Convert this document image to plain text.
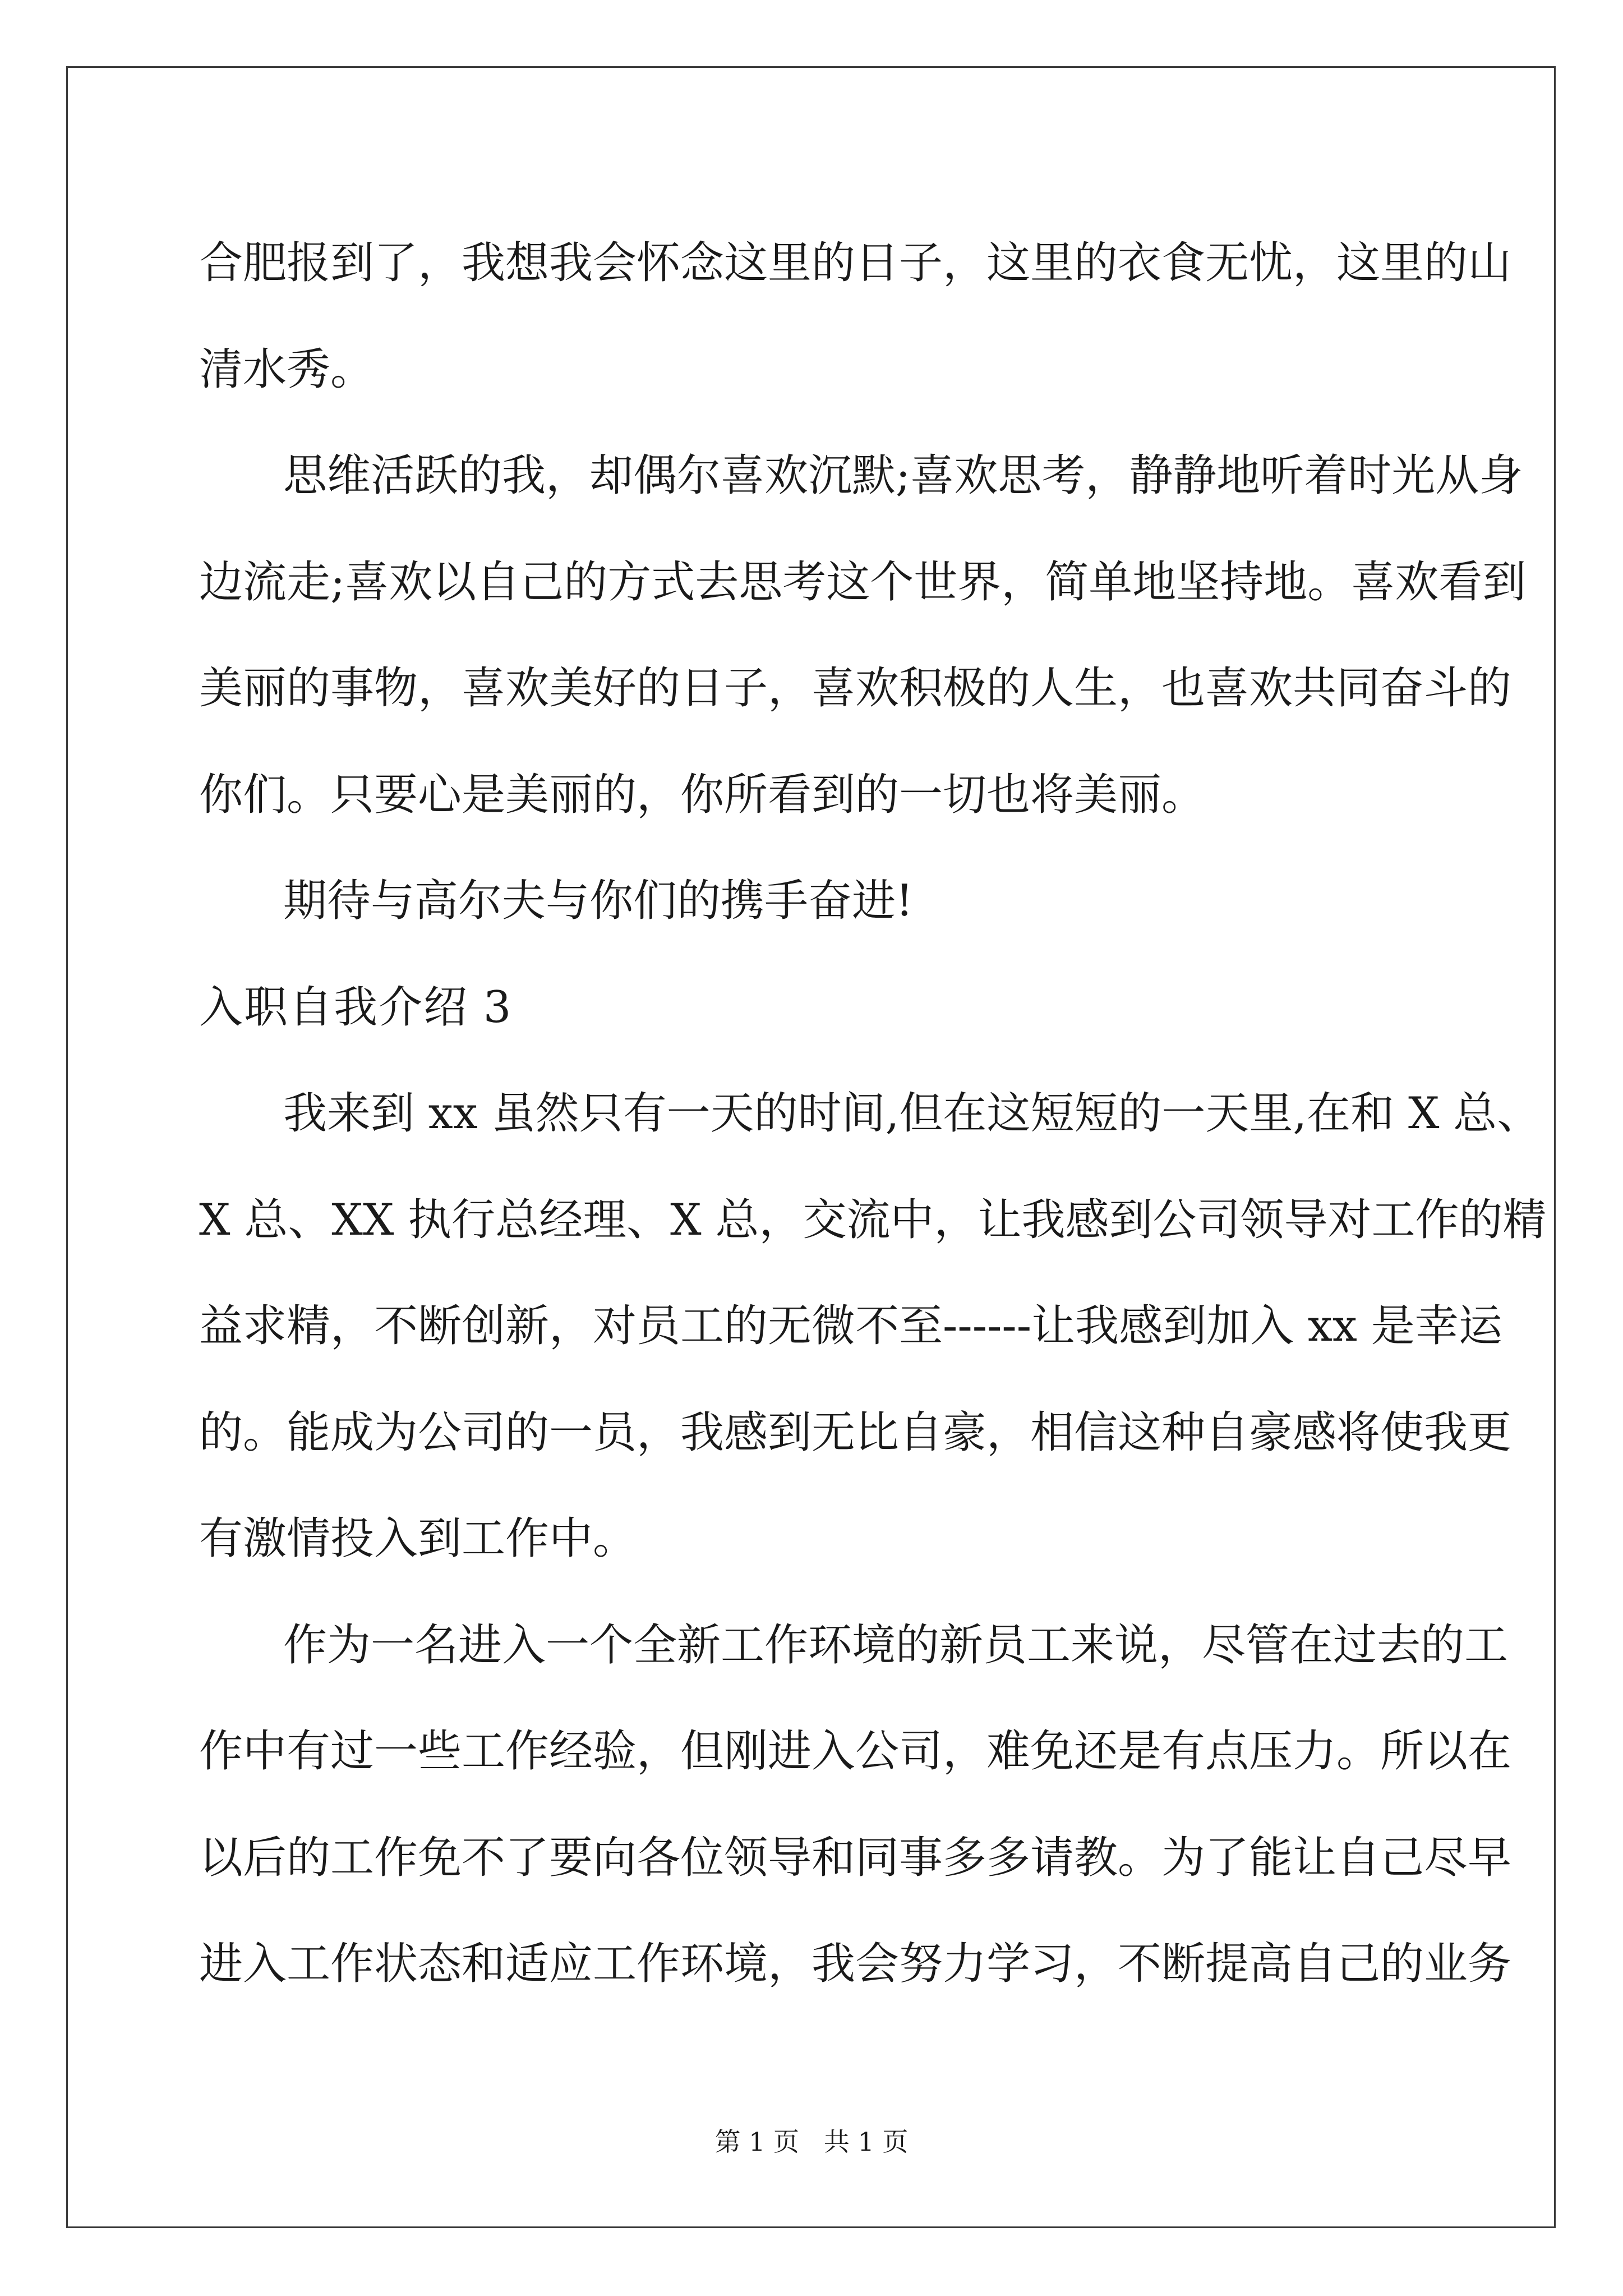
合肥报到了，我想我会怀念这里的日子，这里的衣食无忧，这里的山
清水秀。
思维活跃的我，却偶尔喜欢沉默;喜欢思考，静静地听着时光从身
边流走;喜欢以自己的方式去思考这个世界，简单地坚持地。喜欢看到
美丽的事物，喜欢美好的日子，喜欢积极的人生，也喜欢共同奋斗的
你们。只要心是美丽的，你所看到的一切也将美丽。
期待与高尔夫与你们的携手奋进!
入职自我介绍 3
我来到 xx 虽然只有一天的时间,但在这短短的一天里,在和 X 总、
X 总、XX 执行总经理、X 总，交流中，让我感到公司领导对工作的精
益求精，不断创新，对员工的无微不至------让我感到加入 xx 是幸运
的。能成为公司的一员，我感到无比自豪，相信这种自豪感将使我更
有激情投入到工作中。
作为一名进入一个全新工作环境的新员工来说，尽管在过去的工
作中有过一些工作经验，但刚进入公司，难免还是有点压力。所以在
以后的工作免不了要向各位领导和同事多多请教。为了能让自己尽早
进入工作状态和适应工作环境，我会努力学习，不断提高自己的业务
第 1 页   共 1 页
